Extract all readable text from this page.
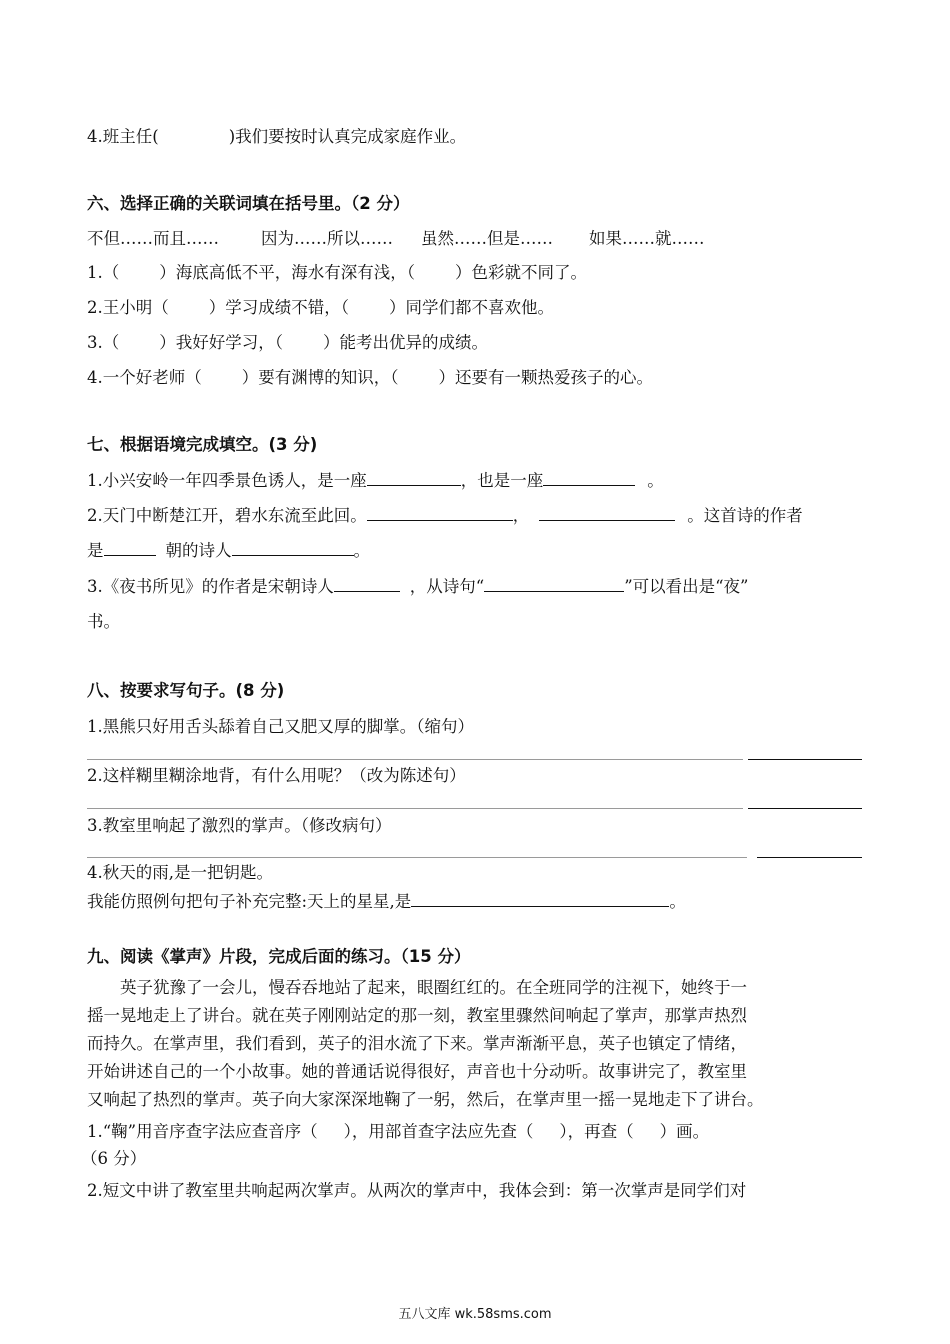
4.班主任(	)我们要按时认真完成家庭作业。
六、选择正确的关联词填在括号里。（2 分）
不但……而且……	因为……所以…… 虽然……但是…… 如果……就……
1.（ ）海底高低不平，海水有深有浅，（ ）色彩就不同了。
2.王小明（ ）学习成绩不错，（ ）同学们都不喜欢他。
3.（ ）我好好学习，（ ）能考出优异的成绩。
4.一个好老师（ ）要有渊博的知识，（ ）还要有一颗热爱孩子的心。
七、根据语境完成填空。(3 分)
1.小兴安岭一年四季景色诱人，是一座	，也是一座	。
2.天门中断楚江开，碧水东流至此回。	，	。这首诗的作者
是	朝的诗人	。
3.《夜书所见》的作者是宋朝诗人	，从诗句“	”可以看出是“夜”
书。
八、按要求写句子。(8 分)
1.黑熊只好用舌头舔着自己又肥又厚的脚掌。（缩句）
2.这样糊里糊涂地背，有什么用呢？（改为陈述句）
3.教室里响起了激烈的掌声。（修改病句）
4.秋天的雨,是一把钥匙。
我能仿照例句把句子补充完整:天上的星星,是	。
九、阅读《掌声》片段，完成后面的练习。（15 分）
　　英子犹豫了一会儿，慢吞吞地站了起来，眼圈红红的。在全班同学的注视下，她终于一
摇一晃地走上了讲台。就在英子刚刚站定的那一刻，教室里骤然间响起了掌声，那掌声热烈
而持久。在掌声里，我们看到，英子的泪水流了下来。掌声渐渐平息，英子也镇定了情绪，
开始讲述自己的一个小故事。她的普通话说得很好，声音也十分动听。故事讲完了，教室里
又响起了热烈的掌声。英子向大家深深地鞠了一躬，然后，在掌声里一摇一晃地走下了讲台。
1.“鞠”用音序查字法应查音序（ ），用部首查字法应先查（ ），再查（ ）画。
（6 分）
2.短文中讲了教室里共响起两次掌声。从两次的掌声中，我体会到：第一次掌声是同学们对
五八文库 wk.58sms.com
